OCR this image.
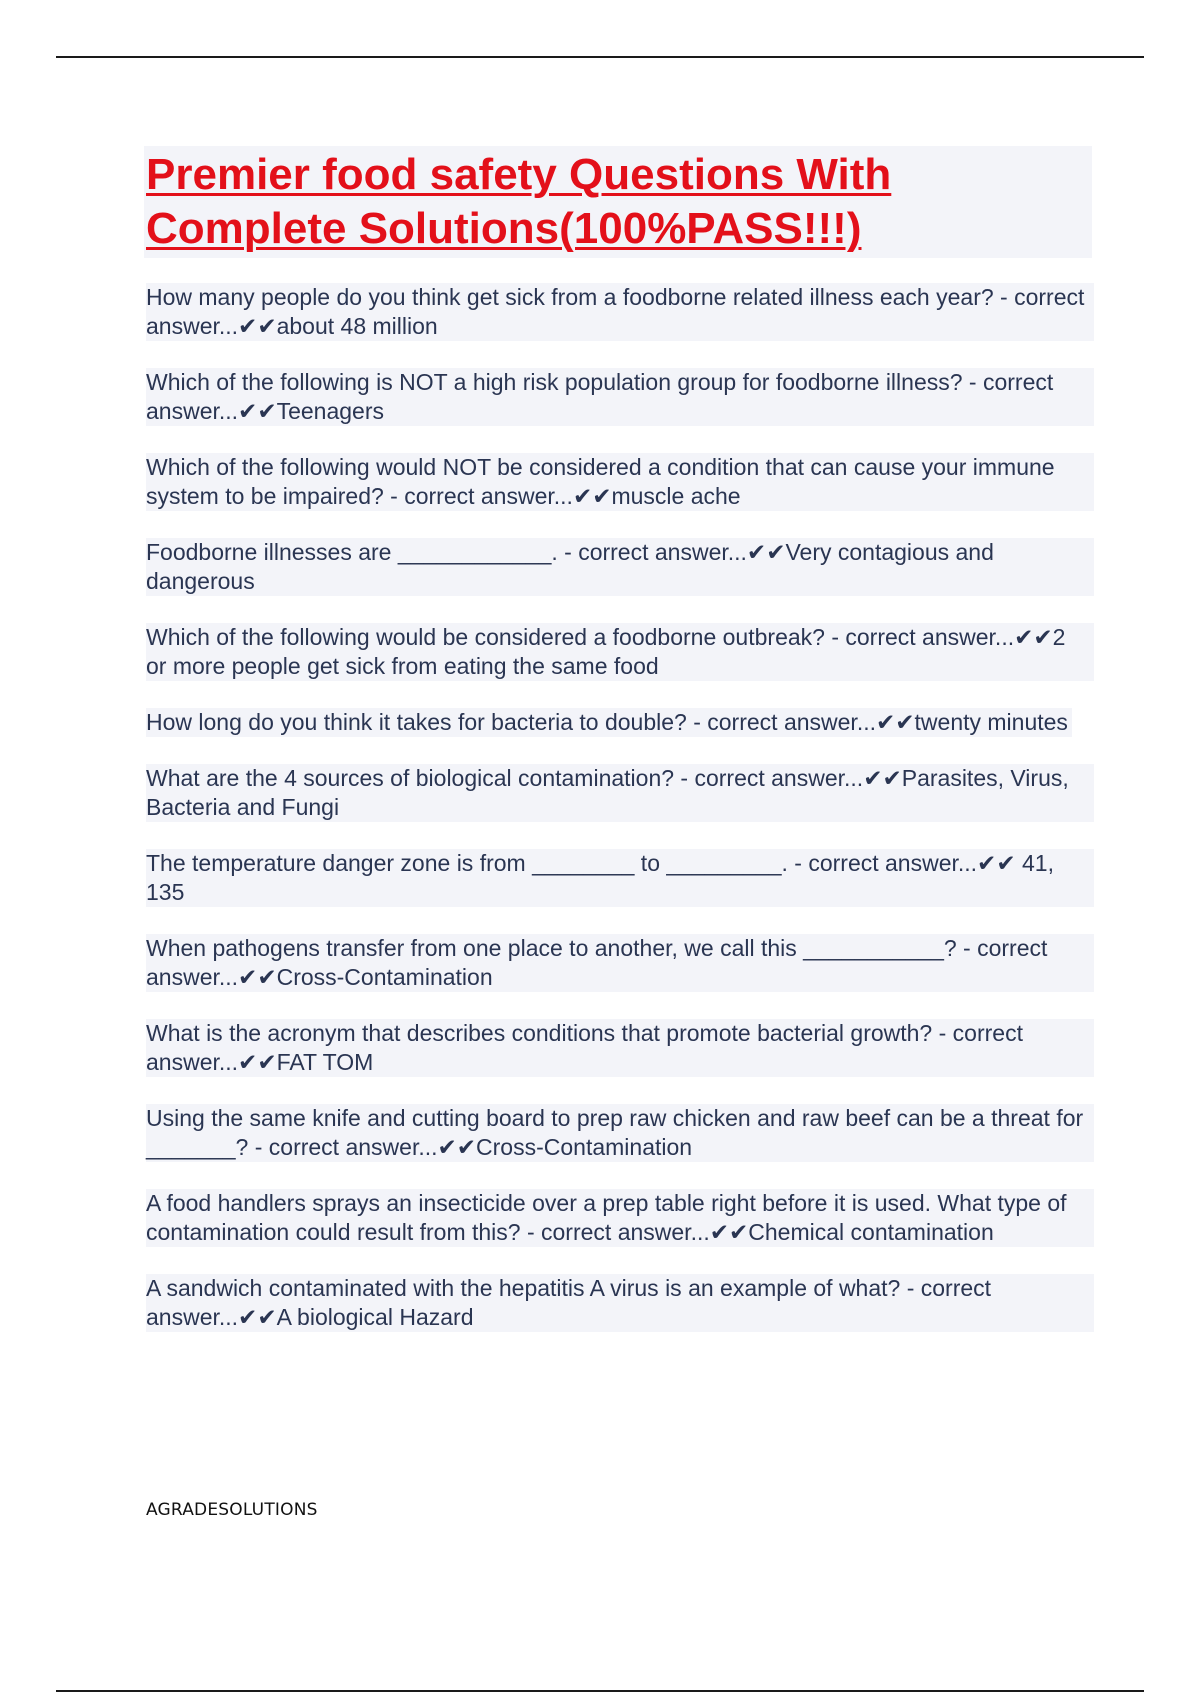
Premier food safety Questions With Complete Solutions(100%PASS!!!)

How many people do you think get sick from a foodborne related illness each year? - correct answer...✔✔about 48 million

Which of the following is NOT a high risk population group for foodborne illness? - correct answer...✔✔Teenagers

Which of the following would NOT be considered a condition that can cause your immune system to be impaired? - correct answer...✔✔muscle ache

Foodborne illnesses are ____________. - correct answer...✔✔Very contagious and dangerous

Which of the following would be considered a foodborne outbreak? - correct answer...✔✔2 or more people get sick from eating the same food

How long do you think it takes for bacteria to double? - correct answer...✔✔twenty minutes

What are the 4 sources of biological contamination? - correct answer...✔✔Parasites, Virus, Bacteria and Fungi

The temperature danger zone is from ________ to _________. - correct answer...✔✔ 41, 135

When pathogens transfer from one place to another, we call this ___________? - correct answer...✔✔Cross-Contamination

What is the acronym that describes conditions that promote bacterial growth? - correct answer...✔✔FAT TOM

Using the same knife and cutting board to prep raw chicken and raw beef can be a threat for _______? - correct answer...✔✔Cross-Contamination

A food handlers sprays an insecticide over a prep table right before it is used. What type of contamination could result from this? - correct answer...✔✔Chemical contamination

A sandwich contaminated with the hepatitis A virus is an example of what? - correct answer...✔✔A biological Hazard

AGRADESOLUTIONS
